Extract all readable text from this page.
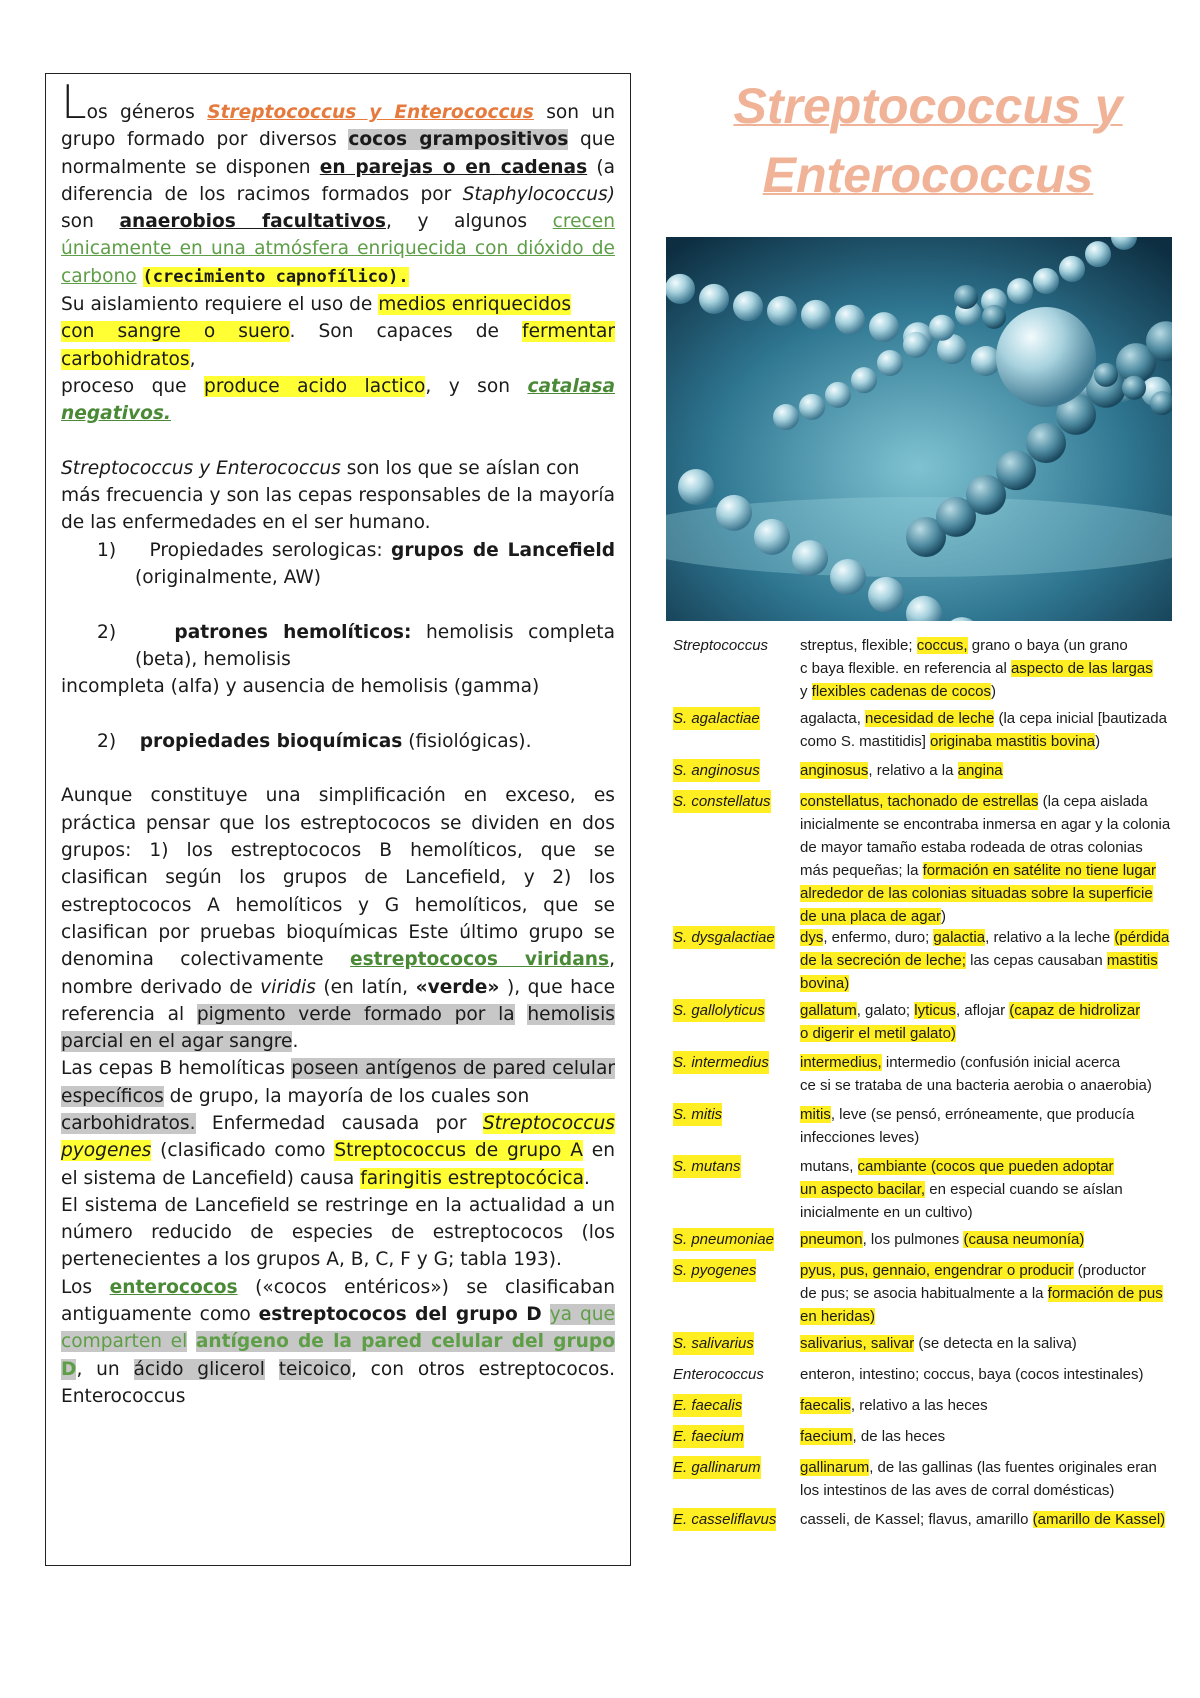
Los géneros Streptococcus y Enterococcus son un grupo formado por diversos cocos grampositivos que normalmente se disponen en parejas o en cadenas (a diferencia de los racimos formados por Staphylococcus) son anaerobios facultativos, y algunos crecen únicamente en una atmósfera enriquecida con dióxido de carbono (crecimiento capnofílico).

Su aislamiento requiere el uso de medios enriquecidos
con sangre o suero. Son capaces de fermentar carbohidratos,
proceso que produce acido lactico, y son catalasa negativos.

Streptococcus y Enterococcus son los que se aíslan con
más frecuencia y son las cepas responsables de la mayoría de las enfermedades en el ser humano.

1) Propiedades serologicas: grupos de Lancefield (originalmente, AW)

2)	patrones hemolíticos: hemolisis completa (beta), hemolisis

incompleta (alfa) y ausencia de hemolisis (gamma)

2) propiedades bioquímicas (fisiológicas).

Aunque constituye una simplificación en exceso, es práctica pensar que los estreptococos se dividen en dos grupos: 1) los estreptococos B hemolíticos, que se clasifican según los grupos de Lancefield, y 2) los estreptococos A hemolíticos y G hemolíticos, que se clasifican por pruebas bioquímicas Este último grupo se denomina colectivamente estreptococos viridans, nombre derivado de viridis (en latín, «verde» ), que hace referencia al pigmento verde formado por la hemolisis parcial en el agar sangre.

Las cepas B hemolíticas poseen antígenos de pared celular específicos de grupo, la mayoría de los cuales son
carbohidratos. Enfermedad causada por Streptococcus pyogenes (clasificado como Streptococcus de grupo A en el sistema de Lancefield) causa faringitis estreptocócica.

El sistema de Lancefield se restringe en la actualidad a un número reducido de especies de estreptococos (los pertenecientes a los grupos A, B, C, F y G; tabla 193).

Los enterococos («cocos entéricos») se clasificaban antiguamente como estreptococos del grupo D ya que comparten el antígeno de la pared celular del grupo D, un ácido glicerol teicoico, con otros estreptococos. Enterococcus

Streptococcus y
Enterococcus
Streptococcus streptus, flexible; coccus, grano o baya (un grano
c baya flexible. en referencia al aspecto de las largas
y flexibles cadenas de cocos)
S. agalactiae	agalacta, necesidad de leche (la cepa inicial [bautizada
como S. mastitidis] originaba mastitis bovina)
S. anginosus	anginosus, relativo a la angina
S. constellatus constellatus, tachonado de estrellas (la cepa aislada
inicialmente se encontraba inmersa en agar y la colonia
de mayor tamaño estaba rodeada de otras colonias
más pequeñas; la formación en satélite no tiene lugar
alrededor de las colonias situadas sobre la superficie
de una placa de agar)
S. dysgalactiae dys, enfermo, duro; galactia, relativo a la leche (pérdida
de la secreción de leche; las cepas causaban mastitis
bovina)
S. gallolyticus gallatum, galato; lyticus, aflojar (capaz de hidrolizar
o digerir el metil galato)
S. intermedius intermedius, intermedio (confusión inicial acerca
ce si se trataba de una bacteria aerobia o anaerobia)
S. mitis	mitis, leve (se pensó, erróneamente, que producía
infecciones leves)
S. mutans	mutans, cambiante (cocos que pueden adoptar
un aspecto bacilar, en especial cuando se aíslan
inicialmente en un cultivo)
S. pneumoniae pneumon, los pulmones (causa neumonía)
S. pyogenes	pyus, pus, gennaio, engendrar o producir (productor
de pus; se asocia habitualmente a la formación de pus
en heridas)
S. salivarius	salivarius, salivar (se detecta en la saliva)
Enterococcus enteron, intestino; coccus, baya (cocos intestinales)
E. faecalis	faecalis, relativo a las heces
E. faecium	faecium, de las heces
E. gallinarum	gallinarum, de las gallinas (las fuentes originales eran
los intestinos de las aves de corral domésticas)
E. casseliflavus casseli, de Kassel; flavus, amarillo (amarillo de Kassel)
